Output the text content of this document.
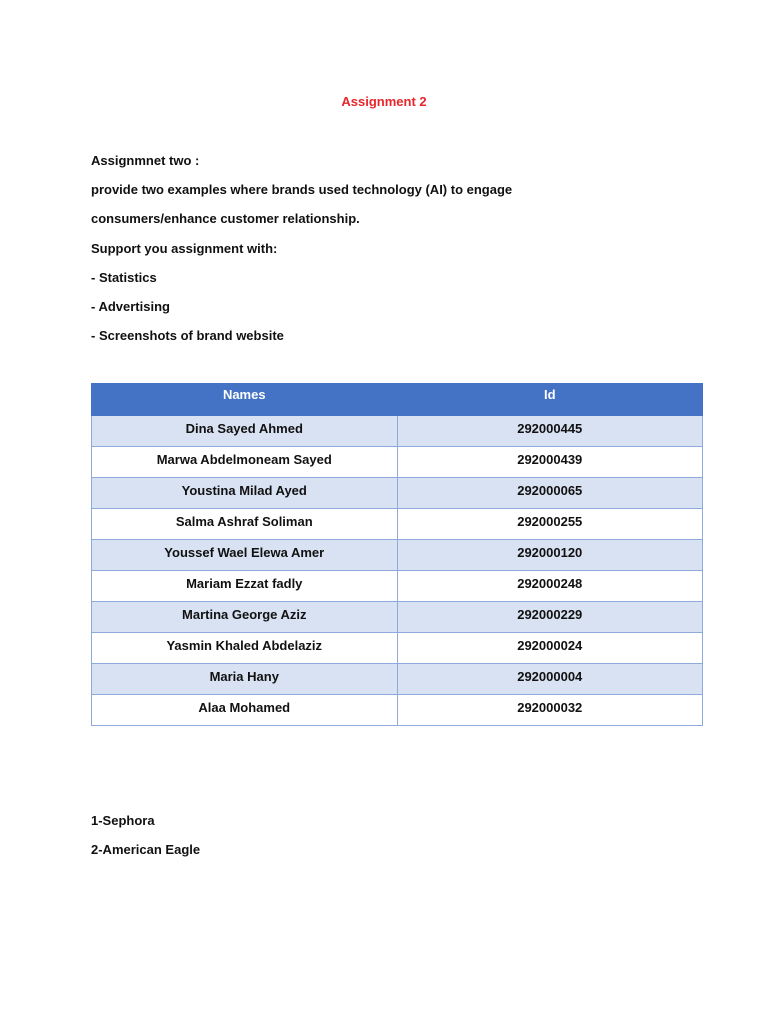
Assignment 2
Assignmnet two :
provide two examples where brands used technology (AI) to engage
consumers/enhance customer relationship.
Support you assignment with:
- Statistics
- Advertising
- Screenshots of brand website
Names	Id
Dina Sayed Ahmed	292000445
Marwa Abdelmoneam Sayed	292000439
Youstina Milad Ayed	292000065
Salma Ashraf Soliman	292000255
Youssef Wael Elewa Amer	292000120
Mariam Ezzat fadly	292000248
Martina George Aziz	292000229
Yasmin Khaled Abdelaziz	292000024
Maria Hany	292000004
Alaa Mohamed	292000032
1-Sephora
2-American Eagle
